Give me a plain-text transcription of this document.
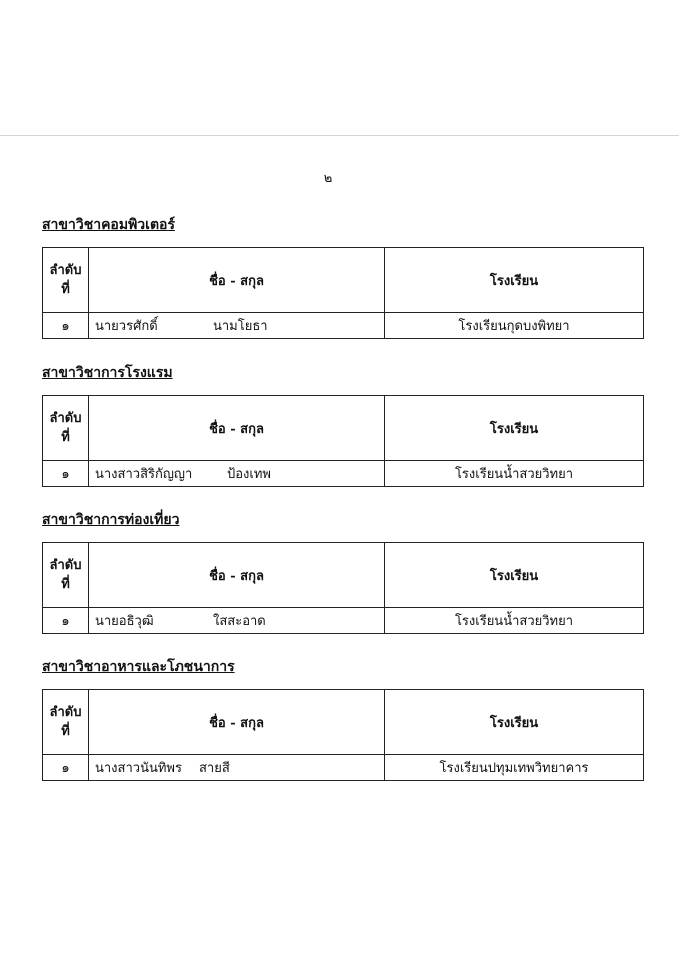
๒
สาขาวิชาคอมพิวเตอร์
ลำดับ
ที่	ชื่อ - สกุล	โรงเรียน
๑	นายวรศักดิ์ นามโยธา	โรงเรียนกุดบงพิทยา
สาขาวิชาการโรงแรม
ลำดับ
ที่	ชื่อ - สกุล	โรงเรียน
๑	นางสาวสิริกัญญา ป้องเทพ	โรงเรียนน้ำสวยวิทยา
สาขาวิชาการท่องเที่ยว
ลำดับ
ที่	ชื่อ - สกุล	โรงเรียน
๑	นายอธิวุฒิ ใสสะอาด	โรงเรียนน้ำสวยวิทยา
สาขาวิชาอาหารและโภชนาการ
ลำดับ
ที่	ชื่อ - สกุล	โรงเรียน
๑	นางสาวนันทิพร สายสี	โรงเรียนปทุมเทพวิทยาคาร
